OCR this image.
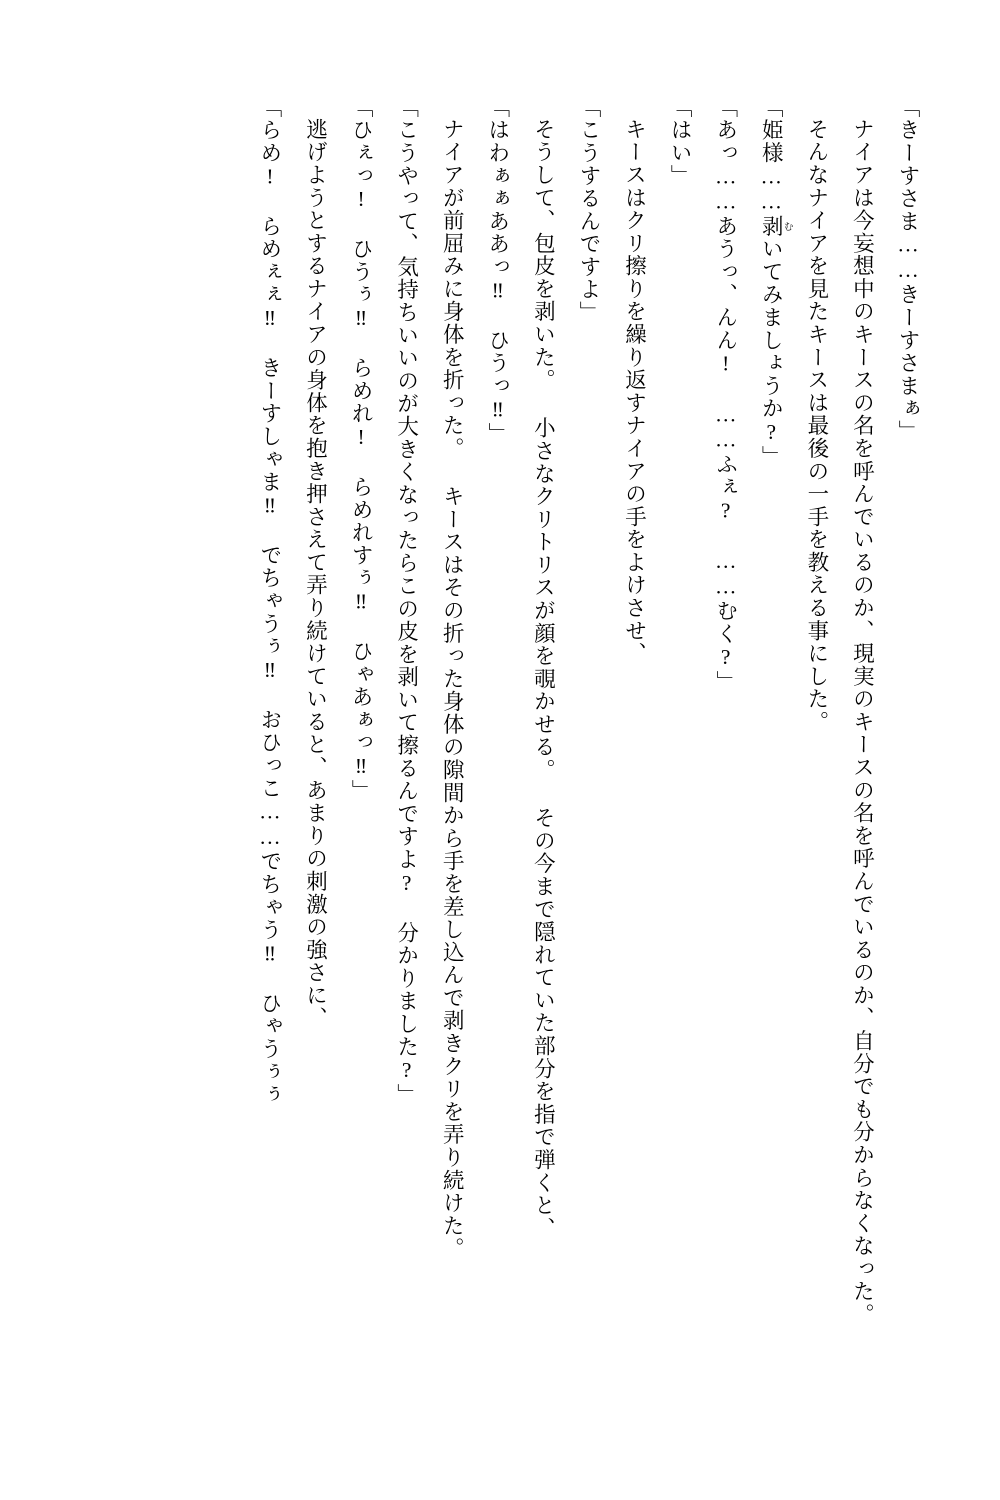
「きーすさま……きーすさまぁ」

ナイアは今妄想中のキースの名を呼んでいるのか、現実のキースの名を呼んでいるのか、自分でも分からなくなった。

そんなナイアを見たキースは最後の一手を教える事にした。

「姫様……剥むいてみましょうか?」

「あっ……あうっ、んん! ……ふぇ? ……むく?」

「はい」

キースはクリ擦りを繰り返すナイアの手をよけさせ、

「こうするんですよ」

そうして、包皮を剥いた。 小さなクリトリスが顔を覗かせる。 その今まで隠れていた部分を指で弾くと、

「はわぁぁああっ‼ ひうっ‼」

ナイアが前屈みに身体を折った。 キースはその折った身体の隙間から手を差し込んで剥きクリを弄り続けた。

「こうやって、気持ちいいのが大きくなったらこの皮を剥いて擦るんですよ? 分かりました?」

「ひぇっ! ひうぅ‼ らめれ! らめれすぅ‼ ひゃあぁっ‼」

逃げようとするナイアの身体を抱き押さえて弄り続けていると、あまりの刺激の強さに、

「らめ! らめぇぇ‼ きーすしゃま‼ でちゃうぅ‼ おひっこ……でちゃう‼ ひゃうぅぅ
